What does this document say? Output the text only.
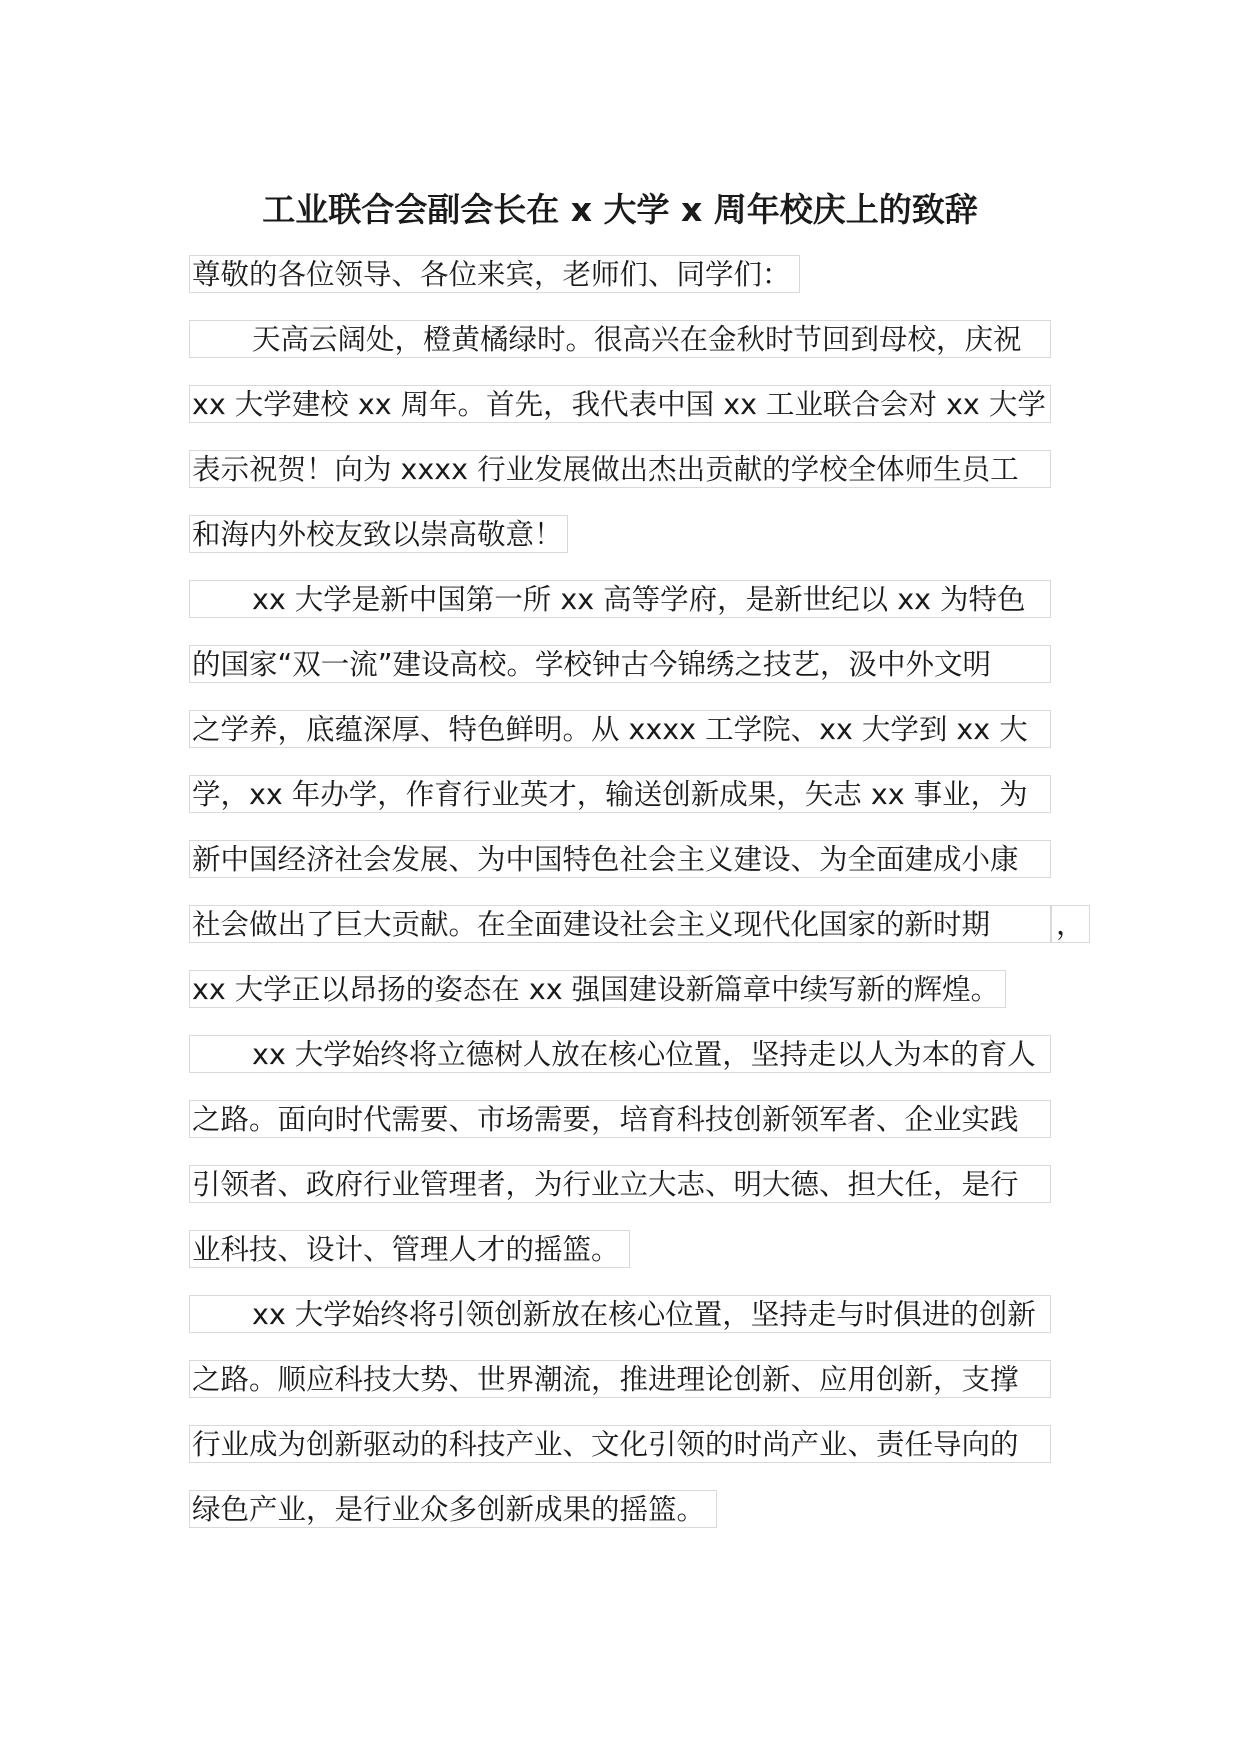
工业联合会副会长在 x 大学 x 周年校庆上的致辞
尊敬的各位领导、各位来宾，老师们、同学们：
天高云阔处，橙黄橘绿时。很高兴在金秋时节回到母校，庆祝
xx 大学建校 xx 周年。首先，我代表中国 xx 工业联合会对 xx 大学
表示祝贺！向为 xxxx 行业发展做出杰出贡献的学校全体师生员工
和海内外校友致以崇高敬意！
xx 大学是新中国第一所 xx 高等学府，是新世纪以 xx 为特色
的国家“双一流”建设高校。学校钟古今锦绣之技艺，汲中外文明
之学养，底蕴深厚、特色鲜明。从 xxxx 工学院、xx 大学到 xx 大
学，xx 年办学，作育行业英才，输送创新成果，矢志 xx 事业，为
新中国经济社会发展、为中国特色社会主义建设、为全面建成小康
社会做出了巨大贡献。在全面建设社会主义现代化国家的新时期	，
xx 大学正以昂扬的姿态在 xx 强国建设新篇章中续写新的辉煌。
xx 大学始终将立德树人放在核心位置，坚持走以人为本的育人
之路。面向时代需要、市场需要，培育科技创新领军者、企业实践
引领者、政府行业管理者，为行业立大志、明大德、担大任，是行
业科技、设计、管理人才的摇篮。
xx 大学始终将引领创新放在核心位置，坚持走与时俱进的创新
之路。顺应科技大势、世界潮流，推进理论创新、应用创新，支撑
行业成为创新驱动的科技产业、文化引领的时尚产业、责任导向的
绿色产业，是行业众多创新成果的摇篮。
